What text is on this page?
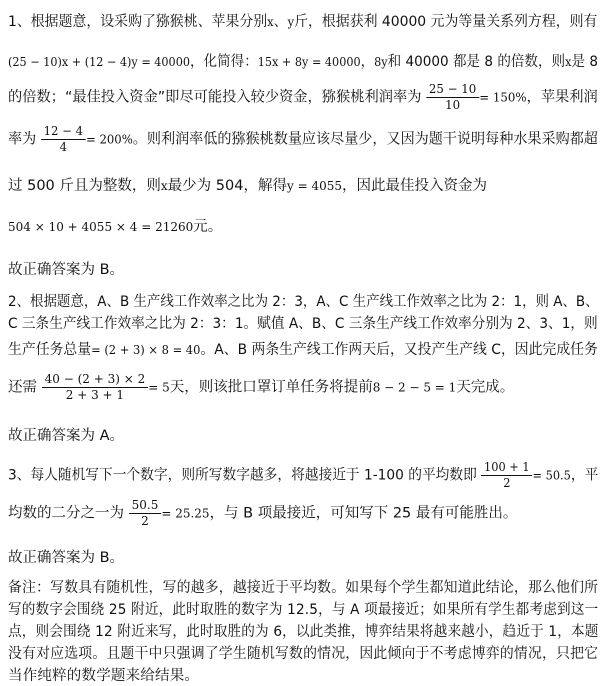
1、根据题意，设采购了猕猴桃、苹果分别x、y斤，根据获利 40000 元为等量关系列方程，则有
(25 − 10)x + (12 − 4)y = 40000，化简得：15x + 8y = 40000，8y和 40000 都是 8 的倍数，则x是 8
的倍数；“最佳投入资金”即尽可能投入较少资金，猕猴桃利润率为 $\frac{25 - 10}{10} = 150\%$，苹果利润
率为 $\frac{12 - 4}{4} = 200\%$。则利润率低的猕猴桃数量应该尽量少，又因为题干说明每种水果采购都超
过 500 斤且为整数，则x最少为 504，解得y = 4055，因此最佳投入资金为
504 × 10 + 4055 × 4 = 21260元。
故正确答案为 B。
2、根据题意，A、B 生产线工作效率之比为 2：3，A、C 生产线工作效率之比为 2：1，则 A、B、
C 三条生产线工作效率之比为 2：3：1。赋值 A、B、C 三条生产线工作效率分别为 2、3、1，则
生产任务总量= (2 + 3) × 8 = 40。A、B 两条生产线工作两天后，又投产生产线 C，因此完成任务
还需 $\frac{40 - (2 + 3) \times 2}{2 + 3 + 1} = 5$天，则该批口罩订单任务将提前8 − 2 − 5 = 1天完成。
故正确答案为 A。
3、每人随机写下一个数字，则所写数字越多，将越接近于 1-100 的平均数即 $\frac{100 + 1}{2} = 50.5$，平
均数的二分之一为 $\frac{50.5}{2} = 25.25$，与 B 项最接近，可知写下 25 最有可能胜出。
故正确答案为 B。
备注：写数具有随机性，写的越多，越接近于平均数。如果每个学生都知道此结论，那么他们所
写的数字会围绕 25 附近，此时取胜的数字为 12.5，与 A 项最接近；如果所有学生都考虑到这一
点，则会围绕 12 附近来写，此时取胜的为 6，以此类推，博弈结果将越来越小，趋近于 1，本题
没有对应选项。且题干中只强调了学生随机写数的情况，因此倾向于不考虑博弈的情况，只把它
当作纯粹的数学题来给结果。
